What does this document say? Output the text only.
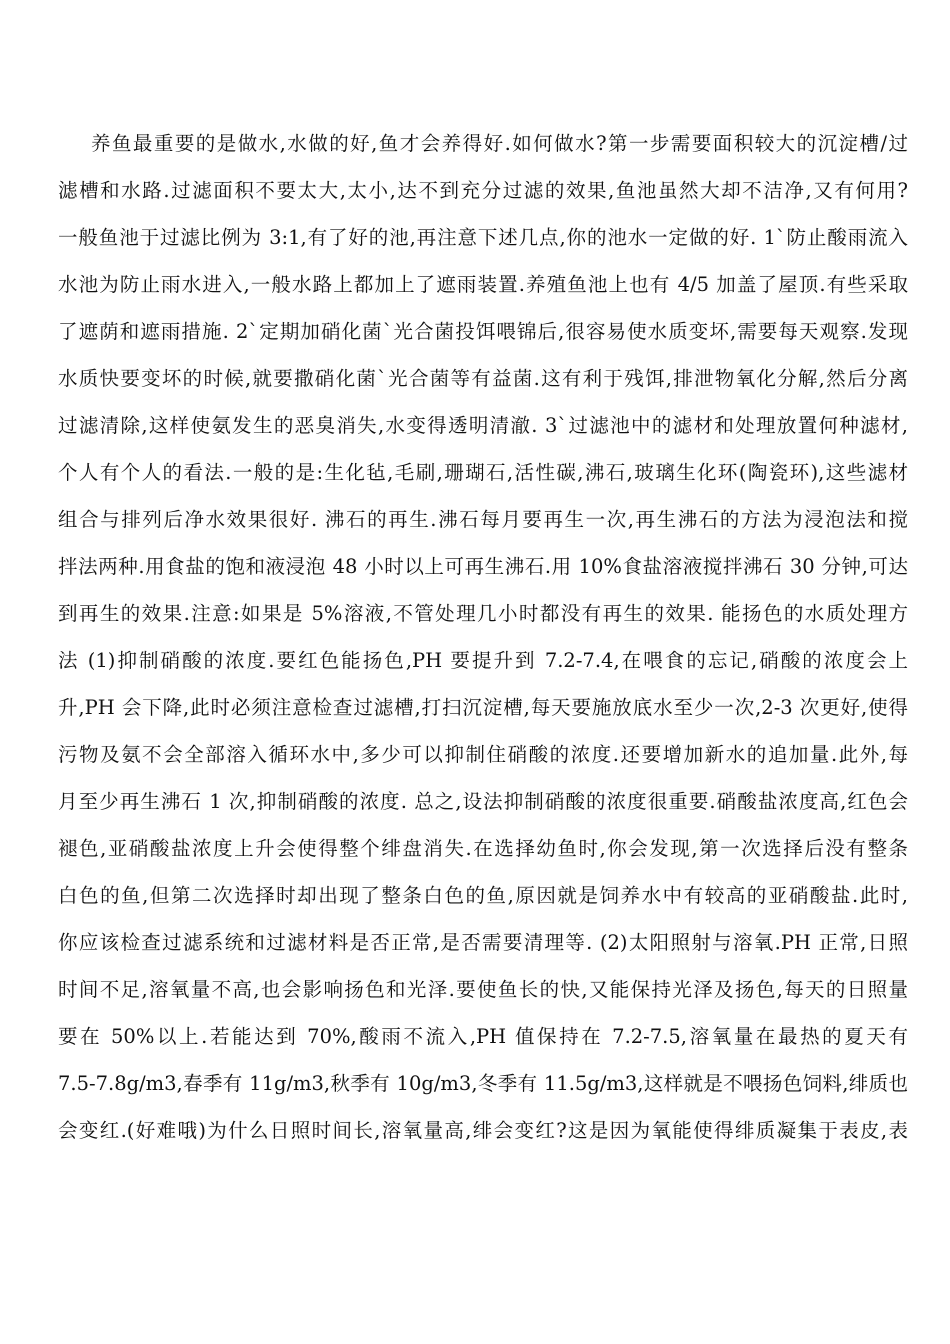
养鱼最重要的是做水,水做的好,鱼才会养得好.如何做水?第一步需要面积较大的沉淀槽/过
滤槽和水路.过滤面积不要太大,太小,达不到充分过滤的效果,鱼池虽然大却不洁净,又有何用?
一般鱼池于过滤比例为 3:1,有了好的池,再注意下述几点,你的池水一定做的好. 1`防止酸雨流入
水池为防止雨水进入,一般水路上都加上了遮雨装置.养殖鱼池上也有 4/5 加盖了屋顶.有些采取
了遮荫和遮雨措施. 2`定期加硝化菌`光合菌投饵喂锦后,很容易使水质变坏,需要每天观察.发现
水质快要变坏的时候,就要撒硝化菌`光合菌等有益菌.这有利于残饵,排泄物氧化分解,然后分离
过滤清除,这样使氨发生的恶臭消失,水变得透明清澈. 3`过滤池中的滤材和处理放置何种滤材,
个人有个人的看法.一般的是:生化毡,毛刷,珊瑚石,活性碳,沸石,玻璃生化环(陶瓷环),这些滤材
组合与排列后净水效果很好. 沸石的再生.沸石每月要再生一次,再生沸石的方法为浸泡法和搅
拌法两种.用食盐的饱和液浸泡 48 小时以上可再生沸石.用 10%食盐溶液搅拌沸石 30 分钟,可达
到再生的效果.注意:如果是 5%溶液,不管处理几小时都没有再生的效果. 能扬色的水质处理方
法 (1)抑制硝酸的浓度.要红色能扬色,PH 要提升到 7.2-7.4,在喂食的忘记,硝酸的浓度会上
升,PH 会下降,此时必须注意检查过滤槽,打扫沉淀槽,每天要施放底水至少一次,2-3 次更好,使得
污物及氨不会全部溶入循环水中,多少可以抑制住硝酸的浓度.还要增加新水的追加量.此外,每
月至少再生沸石 1 次,抑制硝酸的浓度. 总之,设法抑制硝酸的浓度很重要.硝酸盐浓度高,红色会
褪色,亚硝酸盐浓度上升会使得整个绯盘消失.在选择幼鱼时,你会发现,第一次选择后没有整条
白色的鱼,但第二次选择时却出现了整条白色的鱼,原因就是饲养水中有较高的亚硝酸盐.此时,
你应该检查过滤系统和过滤材料是否正常,是否需要清理等. (2)太阳照射与溶氧.PH 正常,日照
时间不足,溶氧量不高,也会影响扬色和光泽.要使鱼长的快,又能保持光泽及扬色,每天的日照量
要在 50%以上.若能达到 70%,酸雨不流入,PH 值保持在 7.2-7.5,溶氧量在最热的夏天有
7.5-7.8g/m3,春季有 11g/m3,秋季有 10g/m3,冬季有 11.5g/m3,这样就是不喂扬色饲料,绯质也
会变红.(好难哦)为什么日照时间长,溶氧量高,绯会变红?这是因为氧能使得绯质凝集于表皮,表
